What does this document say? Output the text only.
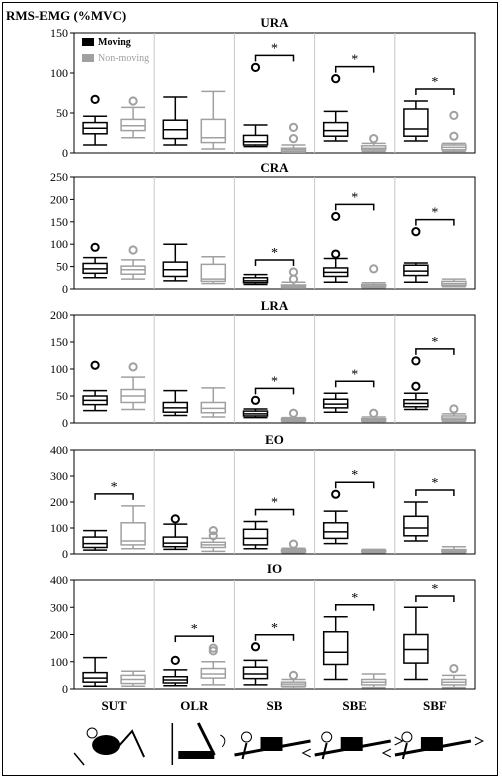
RMS-EMG (%MVC)	URA
0
50
100
150
*
*
*
Moving
Non-moving
CRA
0
50
100
150
200
250
*
*
*
LRA
0
50
100
150
200
*	*
*
EO
0
100
200
300
400
*
*
*
*
IO
0
100
200
300
400
*	*
*
*
SUT	OLR	SB	SBE	SBF
